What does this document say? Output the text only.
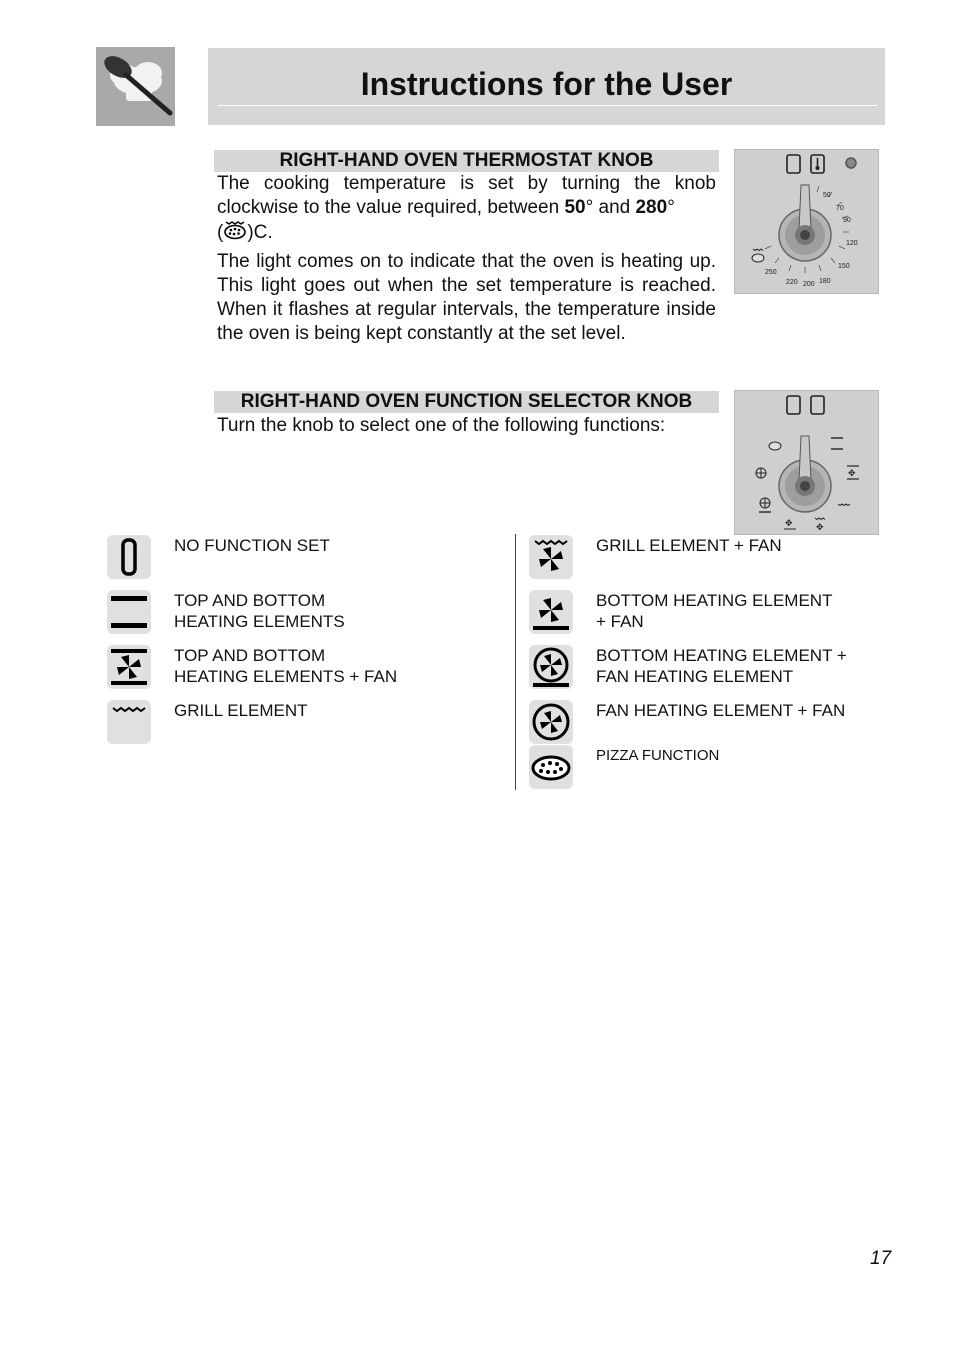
Instructions for the User
RIGHT-HAND OVEN THERMOSTAT KNOB
The cooking temperature is set by turning the knob clockwise to the value required, between 50° and 280°
( )C.
The light comes on to indicate that the oven is heating up. This light goes out when the set temperature is reached. When it flashes at regular intervals, the temperature inside the oven is being kept constantly at the set level.
50
70
90
120
150
180
200
220
250
RIGHT-HAND OVEN FUNCTION SELECTOR KNOB
Turn the knob to select one of the following functions:
✥
✥	✥
NO FUNCTION SET
TOP AND BOTTOM
HEATING ELEMENTS
TOP AND BOTTOM
HEATING ELEMENTS + FAN
GRILL ELEMENT
GRILL ELEMENT + FAN
BOTTOM HEATING ELEMENT
+ FAN
BOTTOM HEATING ELEMENT +
FAN HEATING ELEMENT
FAN HEATING ELEMENT + FAN
PIZZA FUNCTION
17
